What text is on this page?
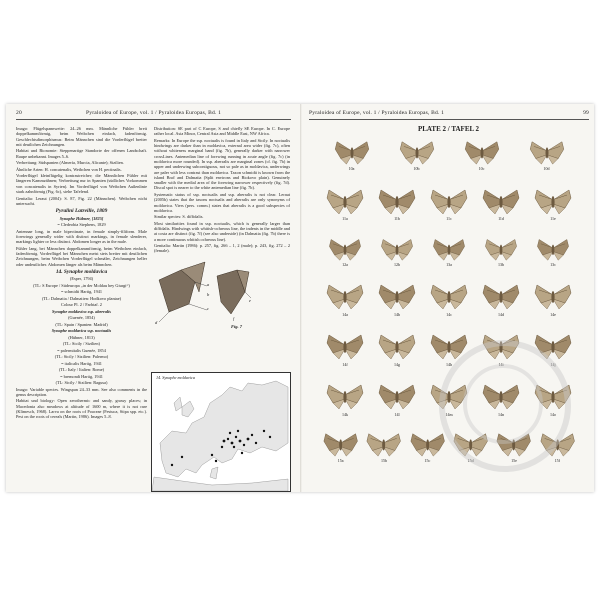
20	Pyraloidea of Europe, vol. 1 / Pyraloidea Europas, Bd. 1

Imago: Flügelspannweite: 24–26 mm. Männliche Fühler breit doppelkammförmig, beim Weibchen einfach, fadenförmig. Geschlechtsdimorphismus: Beim Männchen sind die Vorderflügel breiter mit deutlichen Zeichnungen.

Habitat und Bionomie: Steppenartige Standorte der offenen Landschaft. Raupe unbekannt. Images 5–6.

Verbreitung: Südspanien (Almería, Murcia, Alicante); Sizilien.

Ähnliche Arten: H. concatenalis, Weibchen von H. pectinalis.

Vorderflügel kleinflügelig kontrastreicher; die Männlichen Fühler mit längeren Kammzähnen; Verbreitung nur in Spanien (südliches Vorkommen von concatenalis in Syrien). Im Vorderflügel von Weibchen Außenlinie stark zahnförmig (Fig. 6c), siehe Tafelend.

Genitalia: Leraut (2004): S. 87, Fig. 22 (Männchen). Weibchen nicht untersucht.

Pyralini Latreille, 1809

Synaphe Hübner, [1825]

= Cledeobia Stephens, 1829

Antennae long, in male bipectinate, in female simply-filiform. Male forewings generally wider with distinct markings, in female slenderer, markings lighter or less distinct. Abdomen longer as in the male.

Fühler lang, bei Männchen doppelkammförmig, beim Weibchen einfach, fadenförmig. Vorderflügel bei Männchen meist stets breiter mit deutlichen Zeichnungen, beim Weibchen Vorderflügel schmäler, Zeichnungen heller oder undeutlicher. Abdomen länger als beim Männchen.

14. Synaphe moldavica

(Esper, 1794)

(TL: S Europe / Südeuropa „in der Moldau bey Giurgi“)

= schmidti Hartig, 1941

(TL: Dalmatia / Dalmatien: Hodkovo plantae)

Colour Pl. 2 / Farbtaf. 2

Synaphe moldavica ssp. aberralis

(Guenée, 1854)

(TL: Spain / Spanien: Madrid)

Synaphe moldavica ssp. noctualis

(Hübner, 1813)

(TL: Sicily / Sizilien)

= palermitalis Guenée, 1854

(TL: Sicily / Sizilien: Palermo)

= italicalis Hartig, 1941

(TL: Italy / Italien: Rome)

= bremondi Hartig, 1941

(TL: Sicily / Sizilien: Ragusa)

Imago: Variable species. Wingspan 24–33 mm. See also comments in the genus description.

Habitat und biology: Open xerothermic and sandy, grassy places; in Macedonia also meadows at altitude of 1600 m, where it is not rare (Klimesch, 1968). Larva on the roots of Poaceae (Festuca, Stipa spp. etc.). Pest on the roots of cereals (Martin, 1986). Images 5–8.

Distribution: SE part of C Europe, S and chiefly SE Europe. In C. Europe rather local. Asia Minor, Central Asia and Middle East, NW Africa.

Remarks: In Europe the ssp. noctualis is found in Italy and Sicily. In noctualis hindwings are darker than in moldavica, external area wider (fig. 7c), often without whiteness marginal band (fig. 7b), generally darker with narrower crossLines. Antemedian line of forewing running in acute angle (fig. 7c) (in moldavica more rounded). In ssp. aberralis are marginal zones (cf. fig. 7b) in upper and underwing subcontiguous, not so pale as in moldavica, underwings are paler with less contrast than moldavica. Taxon schmidti is known from the island Brač and Dalmatia (Split environs and Biokovo plain). Genuinely smaller with the medial area of the forewing narrower respectively (fig. 7d). Discal spot is nearer to the white antemedian line (fig. 7b).

Systematic status of ssp. noctualis and ssp. aberralis is not clear. Leraut (2005b) states that the taxons noctualis and aberralis are only synonyms of moldavica. Viers (pers. comm.) states that aberralis is a good subspecies of moldavica.

Similar species: S. diffidalis.

Most similarities found in ssp. noctualis, which is generally larger than diffidalis. Hindwings with whitish-ochreous line, the indents in the middle and at costa are distinct (fig. 7f) (see also underside) (in Dalmatia (fig. 7b) there is a more continuous whitish ochreous line).

Genitalia: Martin (1986): p. 257, fig. 266 – 1, 2 (male); p. 243, fig. 272 – 2 (female).

a
b
c
d
e
f
Fig. 7
14. Synaphe moldavica
Pyraloidea of Europe, vol. 1 / Pyraloidea Europas, Bd. 1	99
PLATE 2 / TAFEL 2
10a	10b	10c	10d
11a	11b	11c	11d	11e
12a	12b	13a	13b	13c
14a	14b	14c	14d	14e
14f	14g	14h	14i	14j
14k	14l	14m	14n	14o
15a	15b	15c	15d	15e	15f
